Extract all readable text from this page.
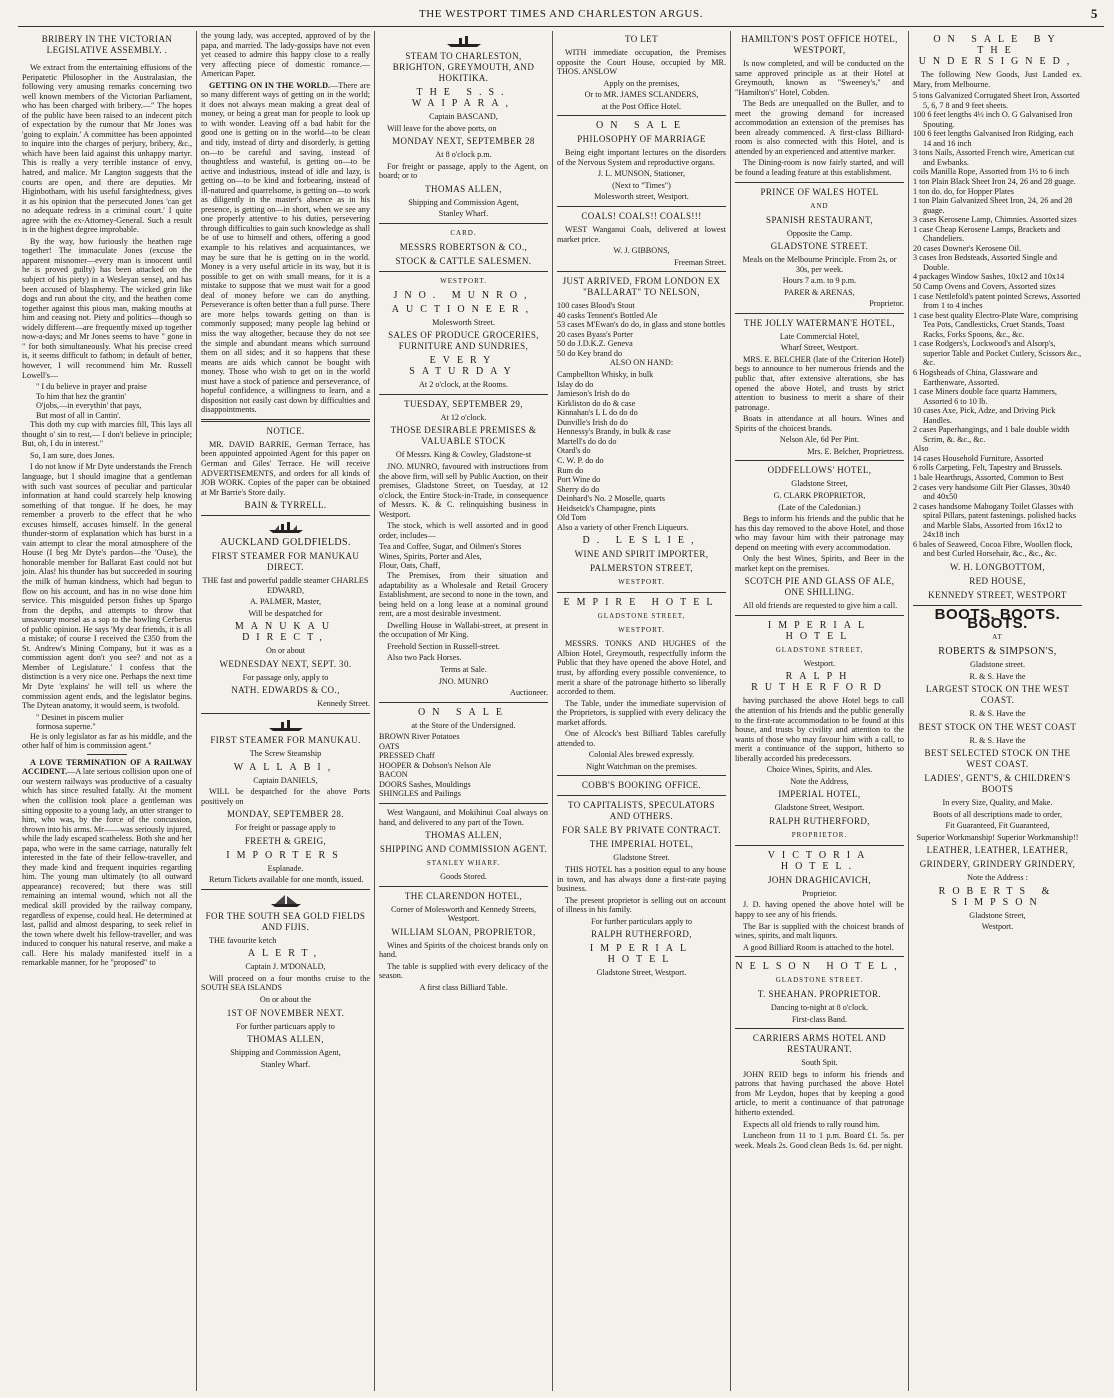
THE WESTPORT TIMES AND CHARLESTON ARGUS.	5
BRIBERY IN THE VICTORIAN LEGISLATIVE ASSEMBLY. .

We extract from the entertaining effusions of the Peripatetic Philosopher in the Australasian, the following very amusing remarks concerning two well known members of the Victorian Parliament, who has been charged with bribery.—" The hopes of the public have been raised to an indecent pitch of expectation by the rumour that Mr Jones was 'going to explain.' A committee has been appointed to inquire into the charges of perjury, bribery, &c., which have been laid against this unhappy martyr. This is really a very terrible instance of envy, hatred, and malice. Mr Langton suggests that the courts are open, and there are deputies. Mr Higinbotham, with his useful farsightedness, gives it as his opinion that the persecuted Jones 'can get no adequate redress in a criminal court.' I quite agree with the ex-Attorney-General. Such a result is in the highest degree improbable.

By the way, how furiously the heathen rage together! The immaculate Jones (excuse the apparent misnomer—every man is innocent until he is proved guilty) has been attacked on the subject of his piety) in a Wesleyan sense), and has been accused of blasphemy. The wicked grin like dogs and run about the city, and the heathen come together against this pious man, making mouths at him and ceasing not. Piety and politics—though so widely different—are frequently mixed up together now-a-days; and Mr Jones seems to have " gone in " for both simultaneously. What his precise creed is, it seems difficult to fathom; in default of better, however, I will recommend him Mr. Russell Lowell's—

" I du believe in prayer and praise

To him that hez the grantin'

O'jobs,—in everythin' that pays,

But most of all in Cantin'.

This doth my cup with marcies fill, This lays all thought o' sin to rest,— I don't believe in principle; But, oh, I du in interest."

So, I am sure, does Jones.

I do not know if Mr Dyte understands the French language, but I should imagine that a gentleman with such vast sources of peculiar and particular information at hand could scarcely help knowing something of that tongue. If he does, he may remember a proverb to the effect that he who excuses himself, accuses himself. In the general thunder-storm of explanation which has burst in a vain attempt to clear the moral atmosphere of the House (I beg Mr Dyte's pardon—the 'Ouse), the honorable member for Ballarat East could not but join. Alas! his thunder has but succeeded in souring the milk of human kindness, which had begun to flow on his account, and has in no wise done him service. This misguided person fishes up Spargo from the depths, and attempts to throw that unsavoury morsel as a sop to the howling Cerberus of public opinion. He says 'My dear friends, it is all a mistake; of course I received the £350 from the St. Andrew's Mining Company, but it was as a commission agent don't you see? and not as a Member of Legislature.' I confess that the distinction is a very nice one. Perhaps the next time Mr Dyte 'explains' he will tell us where the commission agent ends, and the legislator begins. The Dytean anatomy, it would seem, is twofold.

" Desinet in piscem mulier

formosa superne."

He is only legislator as far as his middle, and the other half of him is commission agent."

A LOVE TERMINATION OF A RAILWAY ACCIDENT.—A late serious collision upon one of our western railways was productive of a casualty which has since resulted fatally. At the moment when the collision took place a gentleman was sitting opposite to a young lady, an utter stranger to him, who was, by the force of the concussion, thrown into his arms. Mr——was seriously injured, while the lady escaped scatheless. Both she and her papa, who were in the same carriage, naturally felt interested in the fate of their fellow-traveller, and they made kind and frequent inquiries regarding him. The young man ultimately (to all outward appearance) recovered; but there was still remaining an internal wound, which not all the medical skill provided by the railway company, regardless of expense, could heal. He determined at last, pallid and almost desparing, to seek relief in the town where dwelt his fellow-traveller, and was induced to conquer his natural reserve, and make a call. Here his malady manifested itself in a remarkable manner, for he "proposed" to

the young lady, was accepted, approved of by the papa, and married. The lady-gossips have not even yet ceased to admire this happy close to a really very affecting piece of domestic romance.—American Paper.

GETTING ON IN THE WORLD.—There are so many different ways of getting on in the world; it does not always mean making a great deal of money, or being a great man for people to look up to with wonder. Leaving off a bad habit for the good one is getting on in the world—to be clean and tidy, instead of dirty and disorderly, is getting on—to be careful and saving, instead of thoughtless and wasteful, is getting on—to be active and industrious, instead of idle and lazy, is getting on—to be kind and forbearing, instead of ill-natured and quarrelsome, is getting on—to work as diligently in the master's absence as in his presence, is getting on—in short, when we see any one properly attentive to his duties, persevering through difficulties to gain such knowledge as shall be of use to himself and others, offering a good example to his relatives and acquaintances, we may be sure that he is getting on in the world. Money is a very useful article in its way, but it is possible to get on with small means, for it is a mistake to suppose that we must wait for a good deal of money before we can do anything. Perseverance is often better than a full purse. There are more helps towards getting on than is commonly supposed; many people lag behind or miss the way altogether, because they do not see the simple and abundant means which surround them on all sides; and it so happens that these means are aids which cannot be bought with money. Those who wish to get on in the world must have a stock of patience and perseverance, of hopeful confidence, a willingness to learn, and a disposition not easily cast down by difficulties and disappointments.

NOTICE.

MR. DAVID BARRIE, German Terrace, has been appointed appointed Agent for this paper on German and Giles' Terrace. He will receive ADVERTISEMENTS, and orders for all kinds of JOB WORK. Copies of the paper can be obtained at Mr Barrie's Store daily.

BAIN & TYRRELL.
AUCKLAND GOLDFIELDS.
FIRST STEAMER FOR MANUKAU DIRECT.

THE fast and powerful paddle steamer CHARLES EDWARD,

A. PALMER, Master,

Will be despatched for

MANUKAU DIRECT,

On or about

WEDNESDAY NEXT, SEPT. 30.

For passage only, apply to

NATH. EDWARDS & CO.,

Kennedy Street.

FIRST STEAMER FOR MANUKAU.

The Screw Steamship

WALLABI,

Captain DANIELS,

WILL be despatched for the above Ports positively on

MONDAY, SEPTEMBER 28.

For freight or passage apply to

FREETH & GREIG,
IMPORTERS

Esplanade.

Return Tickets available for one month, issued.

FOR THE SOUTH SEA GOLD FIELDS AND FIJIS.

THE favourite ketch

ALERT,

Captain J. M'DONALD,

Will proceed on a four months cruise to the SOUTH SEA ISLANDS

On or about the

1ST OF NOVEMBER NEXT.

For further particuars apply to

THOMAS ALLEN,

Shipping and Commission Agent,

Stanley Wharf.

STEAM TO CHARLESTON, BRIGHTON, GREYMOUTH, AND HOKITIKA.
THE S.S. WAIPARA,

Captain BASCAND,

Will leave for the above ports, on

MONDAY NEXT, SEPTEMBER 28

At 8 o'clock p.m.

For freight or passage, apply to the Agent, on board; or to

THOMAS ALLEN,

Shipping and Commission Agent,

Stanley Wharf.

CARD.
MESSRS ROBERTSON & CO.,
STOCK & CATTLE SALESMEN.
WESTPORT.
JNO. MUNRO,
AUCTIONEER,

Molesworth Street.

SALES OF PRODUCE GROCERIES, FURNITURE AND SUNDRIES,
EVERY SATURDAY

At 2 o'clock, at the Rooms.

TUESDAY, SEPTEMBER 29,

At 12 o'clock.

THOSE DESIRABLE PREMISES & VALUABLE STOCK

Of Messrs. King & Cowley, Gladstone-st

JNO. MUNRO, favoured with instructions from the above firm, will sell by Public Auction, on their premises, Gladstone Street, on Tuesday, at 12 o'clock, the Entire Stock-in-Trade, in consequence of Messrs. K. & C. relinquishing business in Westport.

The stock, which is well assorted and in good order, includes—

Tea and Coffee, Sugar, and Oilmen's Stores

Wines, Spirits, Porter and Ales,

Flour, Oats, Chaff,

The Premises, from their situation and adaptability as a Wholesale and Retail Grocery Establishment, are second to none in the town, and being held on a long lease at a nominal ground rent, are a most desirable investment.

Dwelling House in Wallabi-street, at present in the occupation of Mr King.

Freehold Section in Russell-street.

Also two Pack Horses.

Terms at Sale.

JNO. MUNRO

Auctioneer.

ON SALE

at the Store of the Undersigned.

BROWN River Potatoes

OATS

PRESSED Chaff

HOOPER & Dobson's Nelson Ale

BACON

DOORS Sashes, Mouldings

SHINGLES and Pailings

West Wangauni, and Mokihinui Coal always on hand, and delivered to any part of the Town.

THOMAS ALLEN,
SHIPPING AND COMMISSION AGENT.
STANLEY WHARF.

Goods Stored.

THE CLARENDON HOTEL,

Corner of Molesworth and Kennedy Streets, Westport.

WILLIAM SLOAN, PROPRIETOR,

Wines and Spirits of the choicest brands only on hand.

The table is supplied with every delicacy of the season.

A first class Billiard Table.

TO LET

WITH immediate occupation, the Premises opposite the Court House, occupied by MR. THOS. ANSLOW

Apply on the premises,

Or to MR. JAMES SCLANDERS,

at the Post Office Hotel.

ON SALE
PHILOSOPHY OF MARRIAGE

Being eight important lectures on the disorders of the Nervous System and reproductive organs.

J. L. MUNSON, Stationer,

(Next to "Times")

Molesworth street, Westport.

COALS! COALS!! COALS!!!

WEST Wanganui Coals, delivered at lowest market price.

W. J. GIBBONS,

Freeman Street.

JUST ARRIVED, FROM LONDON EX "BALLARAT" TO NELSON,

100 cases Blood's Stout

40 casks Tennent's Bottled Ale

53 cases M'Ewan's do do, in glass and stone bottles

20 cases Byass's Porter

50 do J.D.K.Z. Geneva

50 do Key brand do

ALSO ON HAND:

Campbellton Whisky, in bulk

Islay do do

Jamieson's Irish do do

Kirkliston do do & case

Kinnahan's L L do do do

Dunville's Irish do do

Hennessy's Brandy, in bulk & case

Martell's do do do

Otard's do

C. W. P. do do

Rum do

Port Wine do

Sherry do do

Deinhard's No. 2 Moselle, quarts

Heidseick's Champagne, pints

Old Tom

Also a variety of other French Liqueurs.

D. LESLIE,
WINE AND SPIRIT IMPORTER,
PALMERSTON STREET,
WESTPORT.
EMPIRE HOTEL
GLADSTONE STREET,
WESTPORT.

MESSRS. TONKS AND HUGHES of the Albion Hotel, Greymouth, respectfully inform the Public that they have opened the above Hotel, and trust, by affording every possible convenience, to merit a share of the patronage hitherto so liberally accorded to them.

The Table, under the immediate supervision of the Proprietors, is supplied with every delicacy the market affords.

One of Alcock's best Billiard Tables carefully attended to.

Colonial Ales brewed expressly.

Night Watchman on the premises.

COBB'S BOOKING OFFICE.
TO CAPITALISTS, SPECULATORS AND OTHERS.
FOR SALE BY PRIVATE CONTRACT.
THE IMPERIAL HOTEL,

Gladstone Street.

THIS HOTEL has a position equal to any house in town, and has always done a first-rate paying business.

The present proprietor is selling out on account of illness in his family.

For further particulars apply to

RALPH RUTHERFORD,
IMPERIAL HOTEL

Gladstone Street, Westport.

HAMILTON'S POST OFFICE HOTEL, WESTPORT,

Is now completed, and will be conducted on the same approved principle as at their Hotel at Greymouth, known as "Sweeney's," and "Hamilton's" Hotel, Cobden.

The Beds are unequalled on the Buller, and to meet the growing demand for increased accommodation an extension of the premises has been already commenced. A first-class Billiard-room is also connected with this Hotel, and is attended by an experienced and attentive marker.

The Dining-room is now fairly started, and will be found a leading feature at this establishment.

PRINCE OF WALES HOTEL
AND
SPANISH RESTAURANT,

Opposite the Camp.

GLADSTONE STREET.

Meals on the Melbourne Principle. From 2s, or 30s, per week.

Hours 7 a.m. to 9 p.m.

PARER & ARENAS,

Proprietor.

THE JOLLY WATERMAN'E HOTEL,

Late Commercial Hotel,

Wharf Street, Westport.

MRS. E. BELCHER (late of the Criterion Hotel) begs to announce to her numerous friends and the public that, after extensive alterations, she has opened the above Hotel, and trusts by strict attention to business to merit a share of their patronage.

Boats in attendance at all hours. Wines and Spirits of the choicest brands.

Nelson Ale, 6d Per Pint.

Mrs. E. Belcher, Proprietress.

ODDFELLOWS' HOTEL,

Gladstone Street,

G. CLARK PROPRIETOR,

(Late of the Caledonian.)

Begs to inform his friends and the public that he has this day removed to the above Hotel, and those who may favour him with their patronage may depend on meeting with every accommodation.

Only the best Wines, Spirits, and Beer in the market kept on the premises.

SCOTCH PIE AND GLASS OF ALE, ONE SHILLING.

All old friends are requested to give him a call.

IMPERIAL HOTEL
GLADSTONE STREET,

Westport.

RALPH RUTHERFORD

having purchased the above Hotel begs to call the attention of his friends and the public generally to the first-rate accommodation to be found at this house, and trusts by civility and attention to the wants of those who may favour him with a call, to merit a continuance of the support, hitherto so liberally accorded his predecessors.

Choice Wines, Spirits, and Ales.

Note the Address,

IMPERIAL HOTEL,

Gladstone Street, Westport.

RALPH RUTHERFORD,
PROPRIETOR.
VICTORIA HOTEL.
JOHN DRAGHICAVICH,

Proprietor.

J. D. having opened the above hotel will be happy to see any of his friends.

The Bar is supplied with the choicest brands of wines, spirits, and malt liquors.

A good Billiard Room is attached to the hotel.

NELSON HOTEL,
GLADSTONE STREET.
T. SHEAHAN. PROPRIETOR.

Dancing to-night at 8 o'clock.

First-class Band.

CARRIERS ARMS HOTEL AND RESTAURANT.

South Spit.

JOHN REID begs to inform his friends and patrons that having purchased the above Hotel from Mr Leydon, hopes that by keeping a good article, to merit a continuance of that patronage hitherto extended.

Expects all old friends to rally round him.

Luncheon from 11 to 1 p.m. Board £1. 5s. per week. Meals 2s. Good clean Beds 1s. 6d. per night.

ON SALE BY THE UNDERSIGNED,

The following New Goods, Just Landed ex. Mary, from Melbourne.

5 tons Galvanized Corrugated Sheet Iron, Assorted 5, 6, 7 8 and 9 feet sheets.

100 6 feet lengths 4½ inch O. G Galvanised Iron Spouting.

100 6 feet lengths Galvanised Iron Ridging, each 14 and 16 inch

3 tons Nails, Assorted French wire, American cut and Ewbanks.

coils Manilla Rope, Assorted from 1½ to 6 inch

1 ton Plain Black Sheet Iron 24, 26 and 28 guage.

1 ton do. do, for Hopper Plates

1 ton Plain Galvanized Sheet Iron, 24, 26 and 28 guage.

3 cases Kerosene Lamp, Chimnies. Assorted sizes

1 case Cheap Kerosene Lamps, Brackets and Chandeliers.

20 cases Downer's Kerosene Oil.

3 cases Iron Bedsteads, Assorted Single and Double.

4 packages Window Sashes, 10x12 and 10x14

50 Camp Ovens and Covers, Assorted sizes

1 case Nettlefold's patent pointed Screws, Assorted from 1 to 4 inches

1 case best quality Electro-Plate Ware, comprising Tea Pots, Candlesticks, Cruet Stands, Toast Racks, Forks Spoons, &c., &c.

1 case Rodgers's, Lockwood's and Alsorp's, superior Table and Pocket Cutlery, Scissors &c., &c.

6 Hogsheads of China, Glassware and Earthenware, Assorted.

1 case Miners double face quartz Hammers, Assorted 6 to 10 lb.

10 cases Axe, Pick, Adze, and Driving Pick Handles.

2 cases Paperhangings, and 1 bale double width Scrim, &. &c., &c.

Also

14 cases Household Furniture, Assorted

6 rolls Carpeting, Felt, Tapestry and Brussels.

1 bale Hearthrugs, Assorted, Common to Best

2 cases very handsome Gilt Pier Glasses, 30x40 and 40x50

2 cases handsome Mahogany Toilet Glasses with spiral Pillars, patent fastenings. polished backs and Marble Slabs, Assorted from 16x12 to 24x18 inch

6 bales of Seaweed, Cocoa Fibre, Woollen flock, and best Curled Horsehair, &c., &c., &c.

W. H. LONGBOTTOM,
RED HOUSE,
KENNEDY STREET, WESTPORT
BOOTS. BOOTS. BOOTS.
AT
ROBERTS & SIMPSON'S,

Gladstone street.

R. & S. Have the

LARGEST STOCK ON THE WEST COAST.

R. & S. Have the

BEST STOCK ON THE WEST COAST

R. & S. Have the

BEST SELECTED STOCK ON THE WEST COAST.
LADIES', GENT'S, & CHILDREN'S BOOTS

In every Size, Quality, and Make.

Boots of all descriptions made to order,

Fit Guaranteed, Fit Guaranteed,

Superior Workmanship! Superior Workmanship!!

LEATHER, LEATHER, LEATHER,
GRINDERY, GRINDERY GRINDERY,

Note the Address :

ROBERTS & SIMPSON

Gladstone Street,

Westport.
